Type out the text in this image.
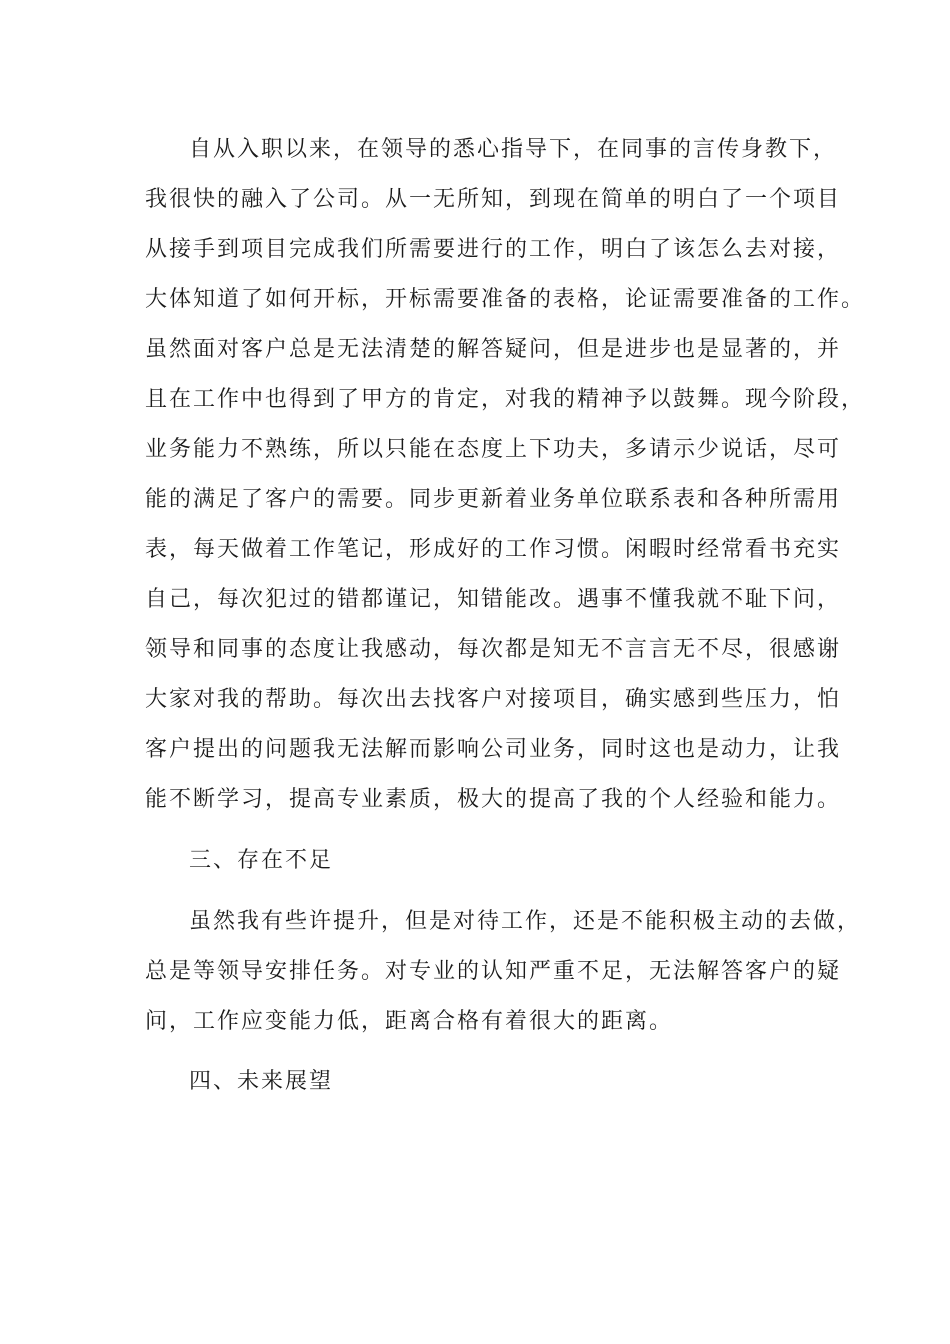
自从入职以来，在领导的悉心指导下，在同事的言传身教下，
我很快的融入了公司。从一无所知，到现在简单的明白了一个项目
从接手到项目完成我们所需要进行的工作，明白了该怎么去对接，
大体知道了如何开标，开标需要准备的表格，论证需要准备的工作。
虽然面对客户总是无法清楚的解答疑问，但是进步也是显著的，并
且在工作中也得到了甲方的肯定，对我的精神予以鼓舞。现今阶段，
业务能力不熟练，所以只能在态度上下功夫，多请示少说话，尽可
能的满足了客户的需要。同步更新着业务单位联系表和各种所需用
表，每天做着工作笔记，形成好的工作习惯。闲暇时经常看书充实
自己，每次犯过的错都谨记，知错能改。遇事不懂我就不耻下问，
领导和同事的态度让我感动，每次都是知无不言言无不尽，很感谢
大家对我的帮助。每次出去找客户对接项目，确实感到些压力，怕
客户提出的问题我无法解而影响公司业务，同时这也是动力，让我
能不断学习，提高专业素质，极大的提高了我的个人经验和能力。
三、存在不足
虽然我有些许提升，但是对待工作，还是不能积极主动的去做，
总是等领导安排任务。对专业的认知严重不足，无法解答客户的疑
问，工作应变能力低，距离合格有着很大的距离。
四、未来展望
